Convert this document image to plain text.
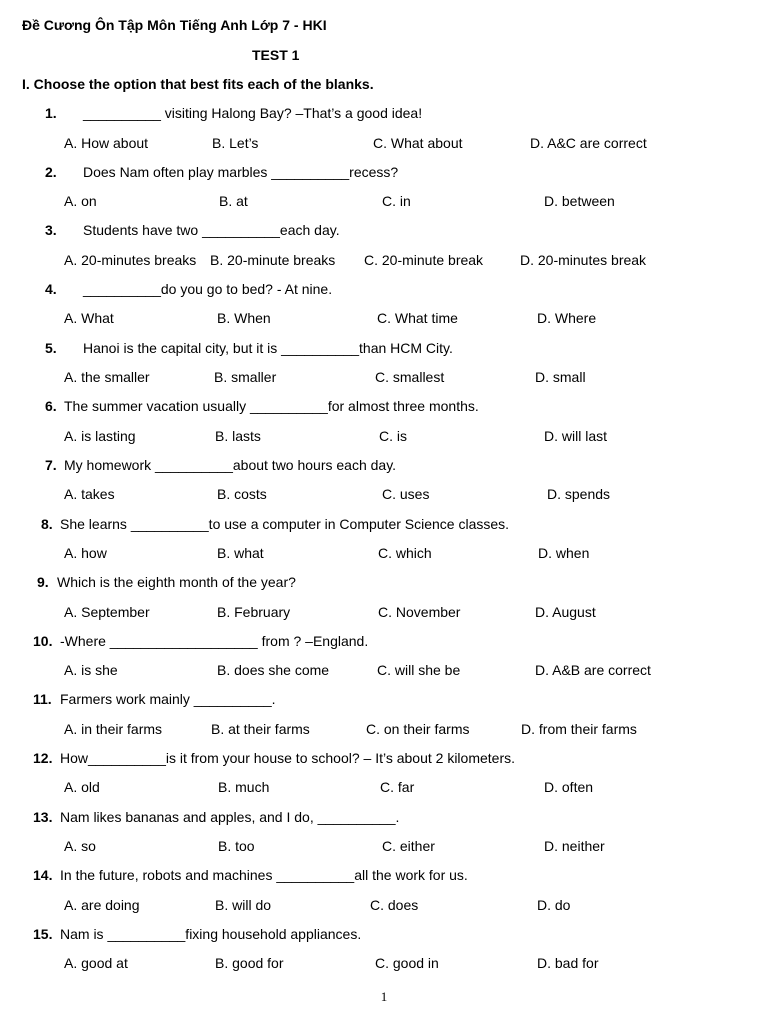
Đề Cương Ôn Tập Môn Tiếng Anh Lớp 7 - HKI
TEST 1
I. Choose the option that best fits each of the blanks.
1. __________ visiting Halong Bay? –That’s a good idea!
A. How about	B. Let’s	C. What about	D. A&C are correct
2. Does Nam often play marbles __________recess?
A. on	B. at	C. in	D. between
3. Students have two __________each day.
A. 20-minutes breaks B. 20-minute breaks C. 20-minute break	D. 20-minutes break
4. __________do you go to bed? - At nine.
A. What	B. When	C. What time	D. Where
5. Hanoi is the capital city, but it is __________than HCM City.
A. the smaller	B. smaller	C. smallest	D. small
6. The summer vacation usually __________for almost three months.
A. is lasting	B. lasts	C. is	D. will last
7. My homework __________about two hours each day.
A. takes	B. costs	C. uses	D. spends
8. She learns __________to use a computer in Computer Science classes.
A. how	B. what	C. which	D. when
9. Which is the eighth month of the year?
A. September	B. February	C. November	D. August
10. -Where ___________________ from ? –England.
A. is she	B. does she come	C. will she be	D. A&B are correct
11. Farmers work mainly __________.
A. in their farms	B. at their farms	C. on their farms	D. from their farms
12. How__________is it from your house to school? – It’s about 2 kilometers.
A. old	B. much	C. far	D. often
13. Nam likes bananas and apples, and I do, __________.
A. so	B. too	C. either	D. neither
14. In the future, robots and machines __________all the work for us.
A. are doing	B. will do	C. does	D. do
15. Nam is __________fixing household appliances.
A. good at	B. good for	C. good in	D. bad for
1
